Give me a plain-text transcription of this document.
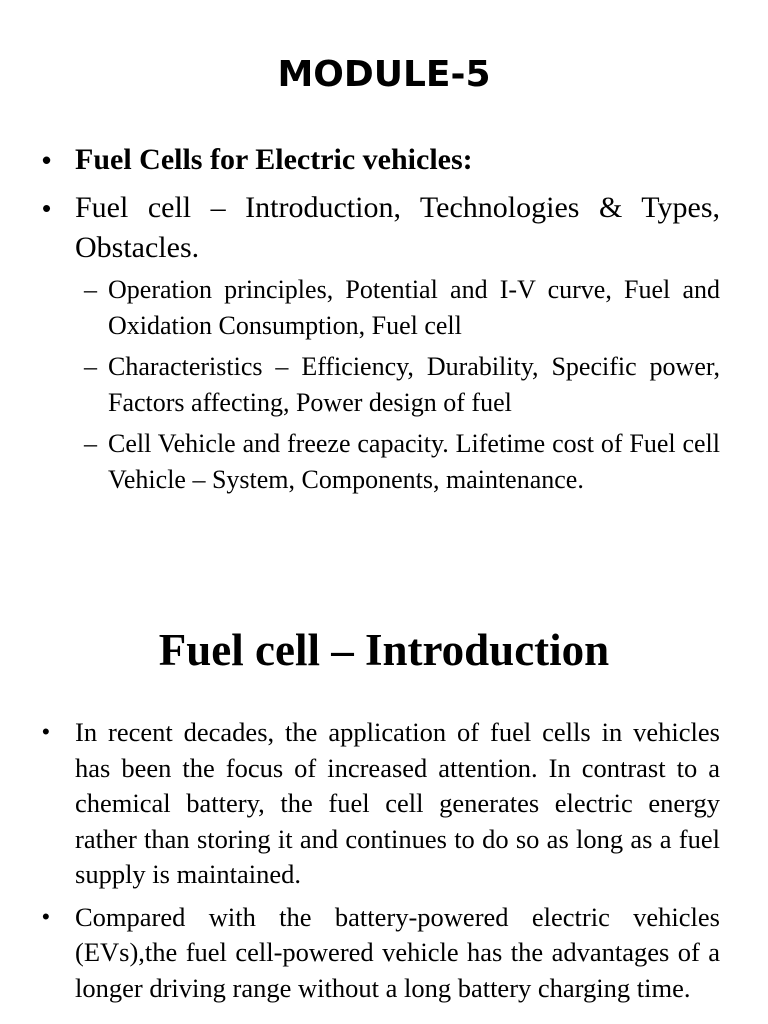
MODULE-5
• Fuel Cells for Electric vehicles:
• Fuel cell – Introduction, Technologies & Types, Obstacles.
– Operation principles, Potential and I-V curve, Fuel and Oxidation Consumption, Fuel cell
– Characteristics – Efficiency, Durability, Specific power, Factors affecting, Power design of fuel
– Cell Vehicle and freeze capacity. Lifetime cost of Fuel cell Vehicle – System, Components, maintenance.
Fuel cell – Introduction
• In recent decades, the application of fuel cells in vehicles has been the focus of increased attention. In contrast to a chemical battery, the fuel cell generates electric energy rather than storing it and continues to do so as long as a fuel supply is maintained.
• Compared with the battery-powered electric vehicles (EVs),the fuel cell-powered vehicle has the advantages of a longer driving range without a long battery charging time.
